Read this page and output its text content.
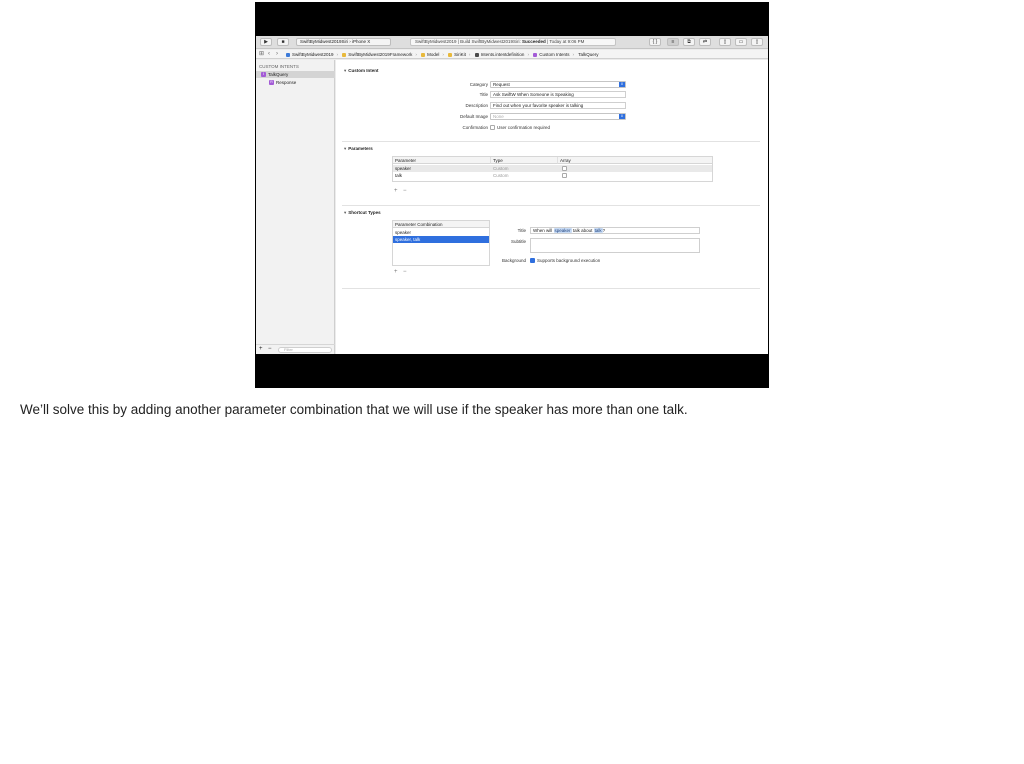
▶	■	SwiftByMidwest2019Siri › iPhone X	SwiftByMidwest2019 | Build SwiftByMidwest2019Siri: Succeeded | Today at 9:06 PM	{ }	≡	⧉	⇄	▯	▭	▯
⊞ ‹ ›	SwiftByMidwest2019 › SwiftByMidwest2019Framework › Model › SiriKit › Intents.intentdefinition › Custom Intents › TalkQuery
CUSTOM INTENTS
I TalkQuery
R Response
+ −	Filter
▾ Custom Intent
Category	Request	⇕
Title	Ask SwiftW When Someone is Speaking
Description	Find out when your favorite speaker is talking
Default Image	None	⇕
Confirmation User confirmation required
▾ Parameters
Parameter	Type	Array
speaker	Custom
talk	Custom
+ −
▾ Shortcut Types
Parameter Combination
speaker
speaker, talk
+ −
Title	When will speaker talk about talk?
Subtitle
Background Supports background execution
We’ll solve this by adding another parameter combination that we will use if the speaker has more than one talk.
